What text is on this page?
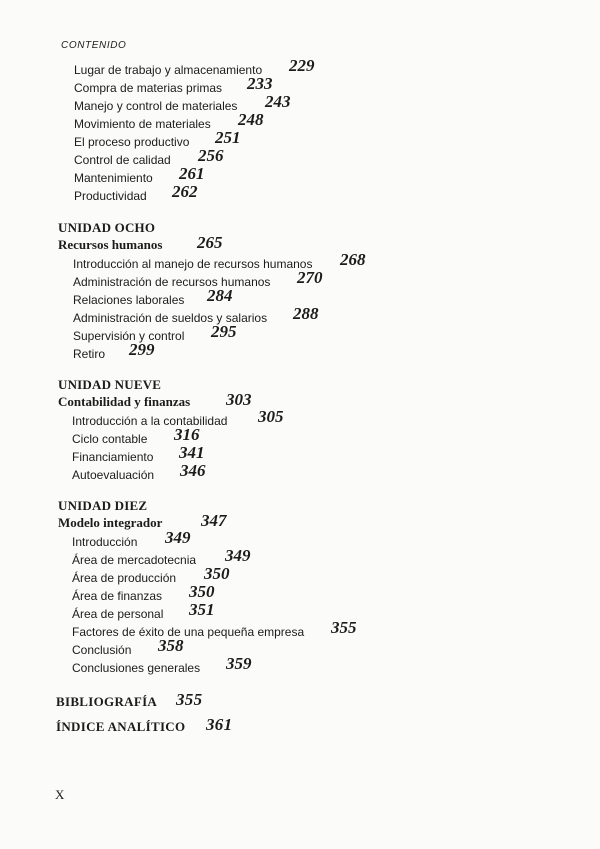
CONTENIDO
Lugar de trabajo y almacenamiento 229
Compra de materias primas 233
Manejo y control de materiales 243
Movimiento de materiales 248
El proceso productivo 251
Control de calidad 256
Mantenimiento 261
Productividad 262
UNIDAD OCHO
Recursos humanos 265
Introducción al manejo de recursos humanos 268
Administración de recursos humanos 270
Relaciones laborales 284
Administración de sueldos y salarios 288
Supervisión y control 295
Retiro 299
UNIDAD NUEVE
Contabilidad y finanzas 303
Introducción a la contabilidad 305
Ciclo contable 316
Financiamiento 341
Autoevaluación 346
UNIDAD DIEZ
Modelo integrador 347
Introducción 349
Área de mercadotecnia 349
Área de producción 350
Área de finanzas 350
Área de personal 351
Factores de éxito de una pequeña empresa 355
Conclusión 358
Conclusiones generales 359
BIBLIOGRAFÍA 355
ÍNDICE ANALÍTICO 361
X
